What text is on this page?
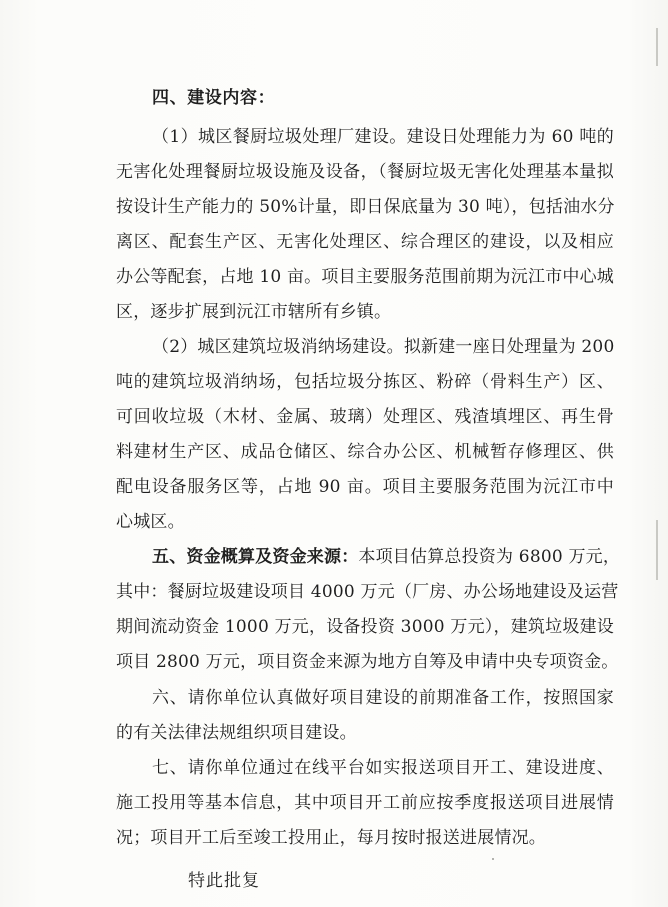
四、建设内容：
（1）城区餐厨垃圾处理厂建设。建设日处理能力为 60 吨的
无害化处理餐厨垃圾设施及设备，（餐厨垃圾无害化处理基本量拟
按设计生产能力的 50%计量，即日保底量为 30 吨），包括油水分
离区、配套生产区、无害化处理区、综合理区的建设，以及相应
办公等配套，占地 10 亩。项目主要服务范围前期为沅江市中心城
区，逐步扩展到沅江市辖所有乡镇。
（2）城区建筑垃圾消纳场建设。拟新建一座日处理量为 200
吨的建筑垃圾消纳场，包括垃圾分拣区、粉碎（骨料生产）区、
可回收垃圾（木材、金属、玻璃）处理区、残渣填埋区、再生骨
料建材生产区、成品仓储区、综合办公区、机械暂存修理区、供
配电设备服务区等，占地 90 亩。项目主要服务范围为沅江市中
心城区。
五、资金概算及资金来源：本项目估算总投资为 6800 万元，
其中：餐厨垃圾建设项目 4000 万元（厂房、办公场地建设及运营
期间流动资金 1000 万元，设备投资 3000 万元），建筑垃圾建设
项目 2800 万元，项目资金来源为地方自筹及申请中央专项资金。
六、请你单位认真做好项目建设的前期准备工作，按照国家
的有关法律法规组织项目建设。
七、请你单位通过在线平台如实报送项目开工、建设进度、
施工投用等基本信息，其中项目开工前应按季度报送项目进展情
况；项目开工后至竣工投用止，每月按时报送进展情况。
特此批复
